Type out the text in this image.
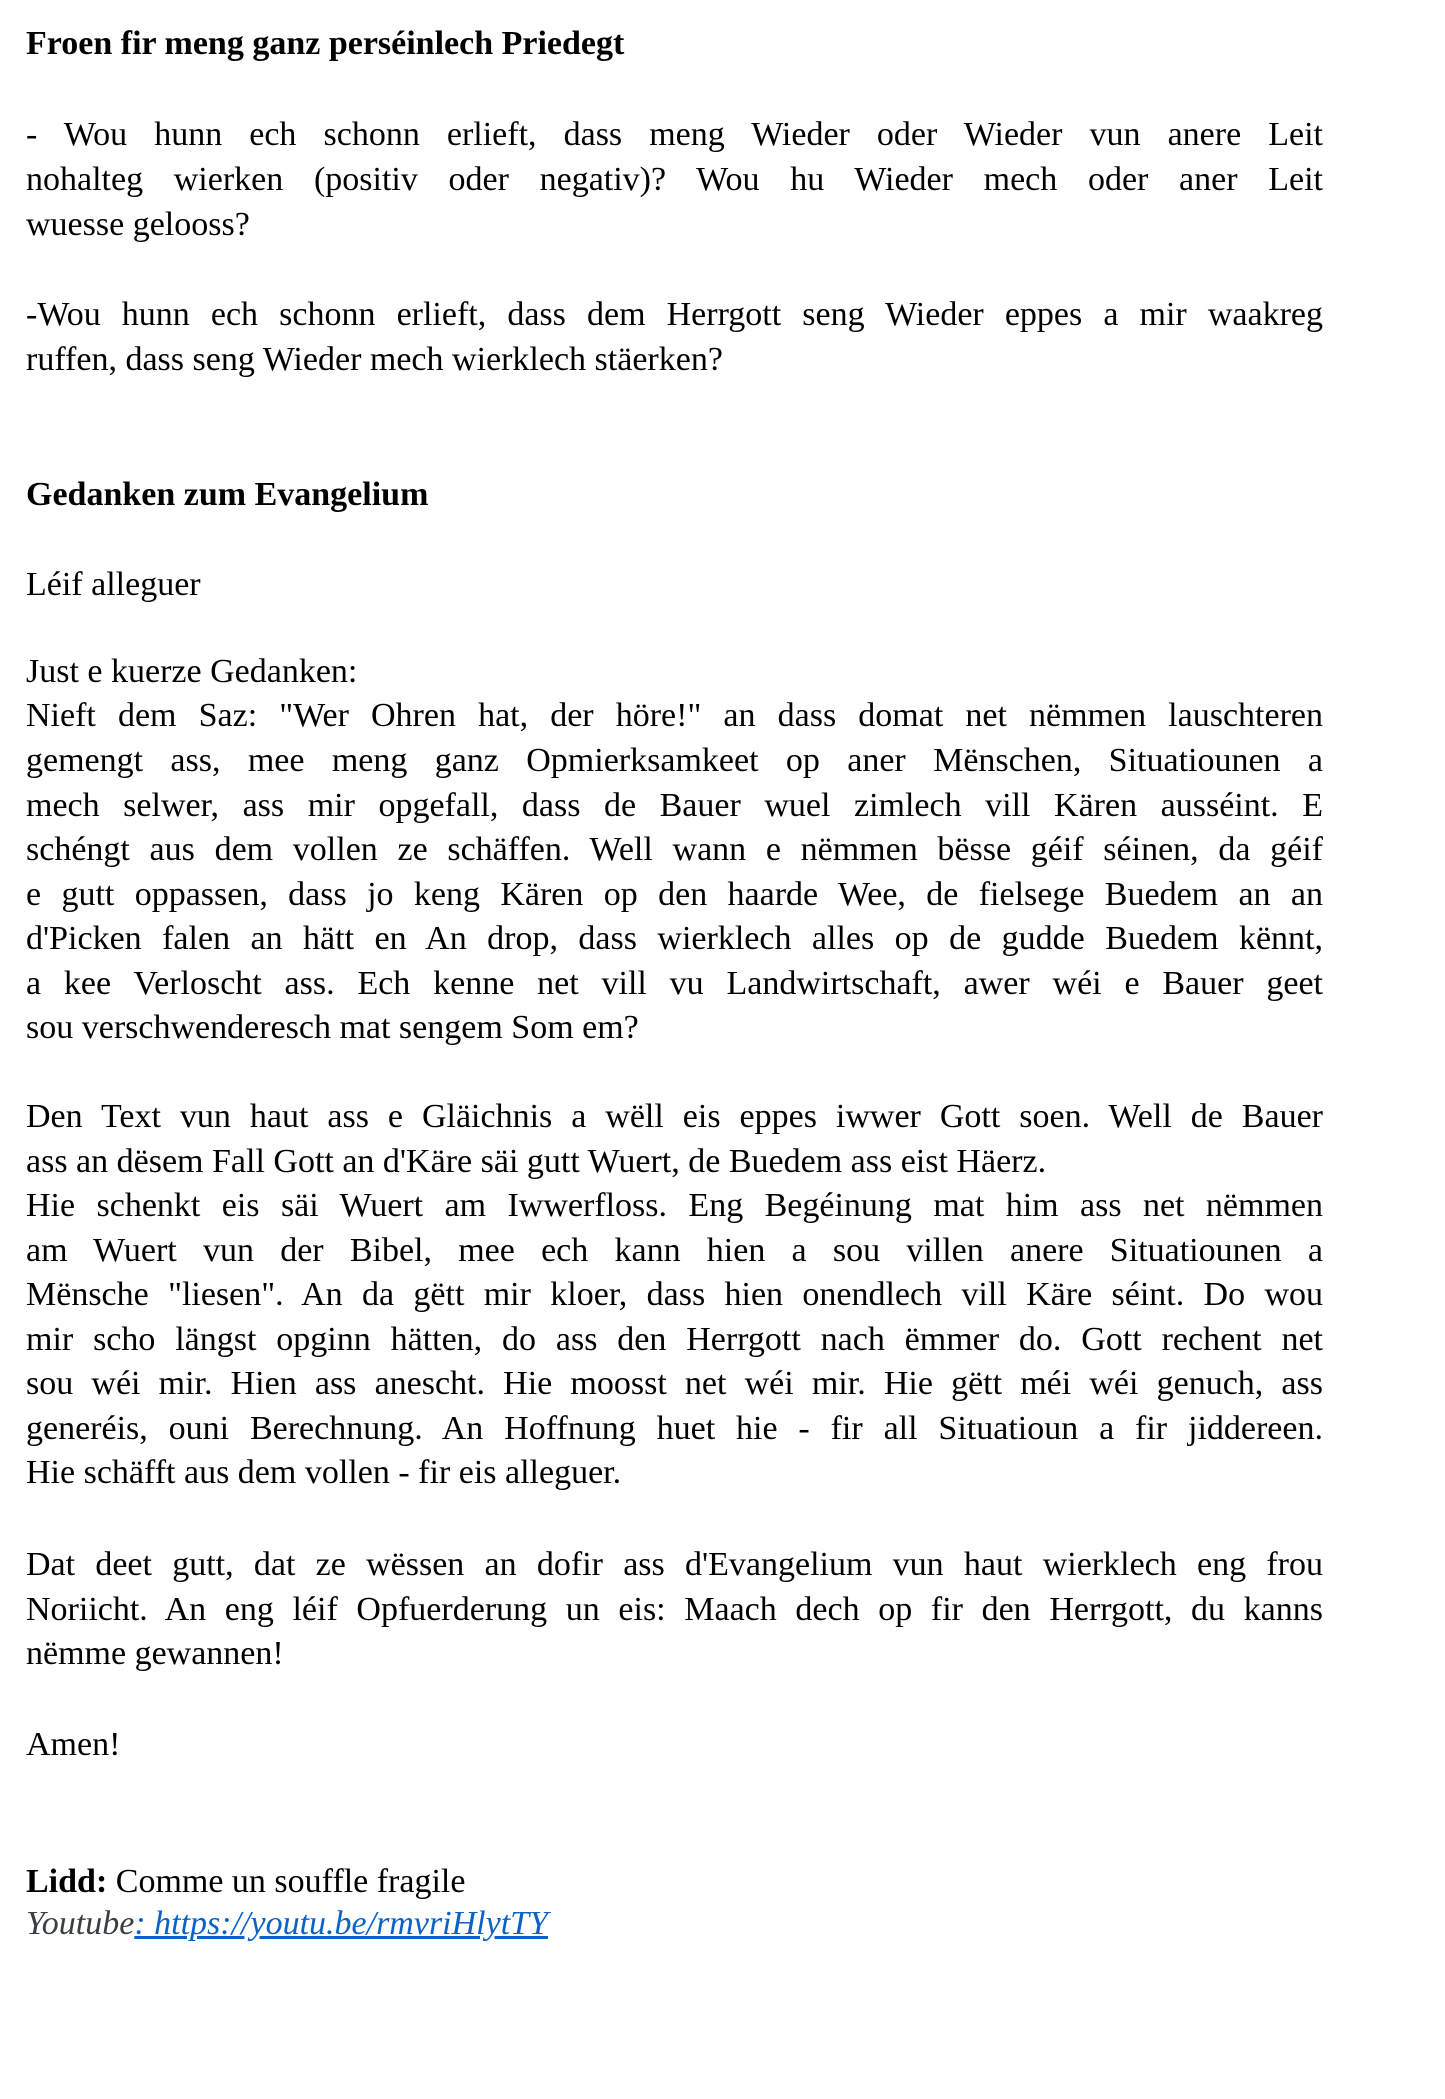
Froen fir meng ganz perséinlech Priedegt
- Wou hunn ech schonn erlieft, dass meng Wieder oder Wieder vun anere Leit
nohalteg wierken (positiv oder negativ)? Wou hu Wieder mech oder aner Leit
wuesse gelooss?
-Wou hunn ech schonn erlieft, dass dem Herrgott seng Wieder eppes a mir waakreg
ruffen, dass seng Wieder mech wierklech stäerken?
Gedanken zum Evangelium
Léif alleguer
Just e kuerze Gedanken:
Nieft dem Saz: "Wer Ohren hat, der höre!" an dass domat net nëmmen lauschteren
gemengt ass, mee meng ganz Opmierksamkeet op aner Mënschen, Situatiounen a
mech selwer, ass mir opgefall, dass de Bauer wuel zimlech vill Kären ausséint. E
schéngt aus dem vollen ze schäffen. Well wann e nëmmen bësse géif séinen, da géif
e gutt oppassen, dass jo keng Kären op den haarde Wee, de fielsege Buedem an an
d'Picken falen an hätt en An drop, dass wierklech alles op de gudde Buedem kënnt,
a kee Verloscht ass. Ech kenne net vill vu Landwirtschaft, awer wéi e Bauer geet
sou verschwenderesch mat sengem Som em?
Den Text vun haut ass e Gläichnis a wëll eis eppes iwwer Gott soen. Well de Bauer
ass an dësem Fall Gott an d'Käre säi gutt Wuert, de Buedem ass eist Häerz.
Hie schenkt eis säi Wuert am Iwwerfloss. Eng Begéinung mat him ass net nëmmen
am Wuert vun der Bibel, mee ech kann hien a sou villen anere Situatiounen a
Mënsche "liesen". An da gëtt mir kloer, dass hien onendlech vill Käre séint. Do wou
mir scho längst opginn hätten, do ass den Herrgott nach ëmmer do. Gott rechent net
sou wéi mir. Hien ass anescht. Hie moosst net wéi mir. Hie gëtt méi wéi genuch, ass
generéis, ouni Berechnung. An Hoffnung huet hie - fir all Situatioun a fir jiddereen.
Hie schäfft aus dem vollen - fir eis alleguer.
Dat deet gutt, dat ze wëssen an dofir ass d'Evangelium vun haut wierklech eng frou
Noriicht. An eng léif Opfuerderung un eis: Maach dech op fir den Herrgott, du kanns
nëmme gewannen!
Amen!
Lidd: Comme un souffle fragile
Youtube: https://youtu.be/rmvriHlytTY
